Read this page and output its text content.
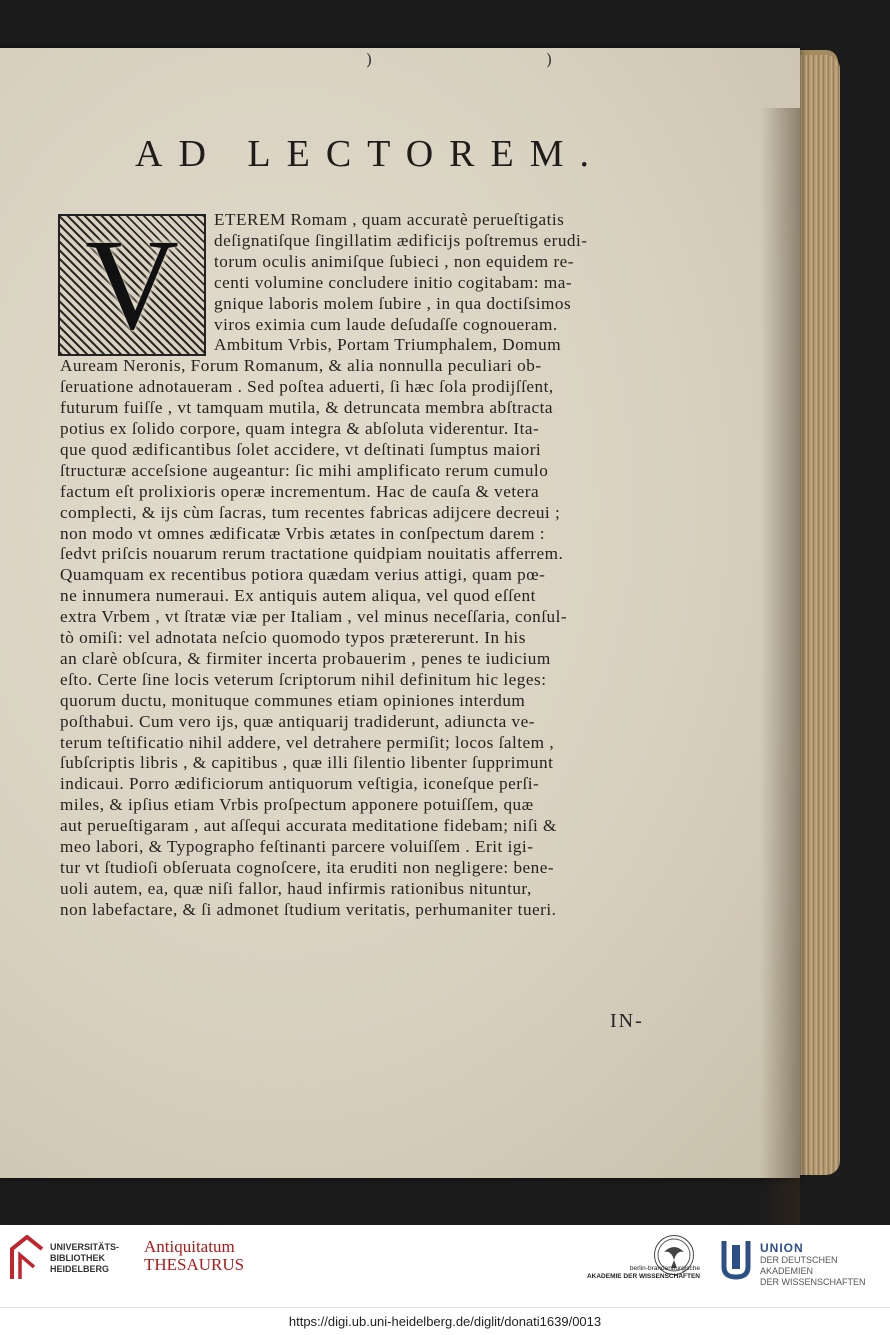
)	)
AD LECTOREM.
V	ETEREM Romam , quam accuratè perueſtigatis
deſignatiſque ſingillatim ædificijs poſtremus erudi-
torum oculis animiſque ſubieci , non equidem re-
centi volumine concludere initio cogitabam: ma-
gnique laboris molem ſubire , in qua doctiſsimos
viros eximia cum laude deſudaſſe cognoueram.
Ambitum Vrbis, Portam Triumphalem, Domum
Auream Neronis, Forum Romanum, & alia nonnulla peculiari ob-
ſeruatione adnotaueram . Sed poſtea aduerti, ſi hæc ſola prodijſſent,
futurum fuiſſe , vt tamquam mutila, & detruncata membra abſtracta
potius ex ſolido corpore, quam integra & abſoluta viderentur. Ita-
que quod ædificantibus ſolet accidere, vt deſtinati ſumptus maiori
ſtructuræ acceſsione augeantur: ſic mihi amplificato rerum cumulo
factum eſt prolixioris operæ incrementum. Hac de cauſa & vetera
complecti, & ijs cùm ſacras, tum recentes fabricas adijcere decreui ;
non modo vt omnes ædificatæ Vrbis ætates in conſpectum darem :
ſedvt priſcis nouarum rerum tractatione quidpiam nouitatis afferrem.
Quamquam ex recentibus potiora quædam verius attigi, quam pœ-
ne innumera numeraui. Ex antiquis autem aliqua, vel quod eſſent
extra Vrbem , vt ſtratæ viæ per Italiam , vel minus neceſſaria, conſul-
tò omiſi: vel adnotata neſcio quomodo typos prætererunt. In his
an clarè obſcura, & firmiter incerta probauerim , penes te iudicium
eſto. Certe ſine locis veterum ſcriptorum nihil definitum hic leges:
quorum ductu, monituque communes etiam opiniones interdum
poſthabui. Cum vero ijs, quæ antiquarij tradiderunt, adiuncta ve-
terum teſtificatio nihil addere, vel detrahere permiſit; locos ſaltem ,
ſubſcriptis libris , & capitibus , quæ illi ſilentio libenter ſupprimunt
indicaui. Porro ædificiorum antiquorum veſtigia, iconeſque perſi-
miles, & ipſius etiam Vrbis proſpectum apponere potuiſſem, quæ
aut perueſtigaram , aut aſſequi accurata meditatione fidebam; niſi &
meo labori, & Typographo feſtinanti parcere voluiſſem . Erit igi-
tur vt ſtudioſi obſeruata cognoſcere, ita eruditi non negligere: bene-
uoli autem, ea, quæ niſi fallor, haud infirmis rationibus nituntur,
non labefactare, & ſi admonet ſtudium veritatis, perhumaniter tueri.
IN-
UNIVERSITÄTS-
BIBLIOTHEK
HEIDELBERG
Antiquitatum
THESAURUS	berlin-brandenburgische
AKADEMIE DER WISSENSCHAFTEN
UNION
DER DEUTSCHEN AKADEMIEN
DER WISSENSCHAFTEN
https://digi.ub.uni-heidelberg.de/diglit/donati1639/0013
